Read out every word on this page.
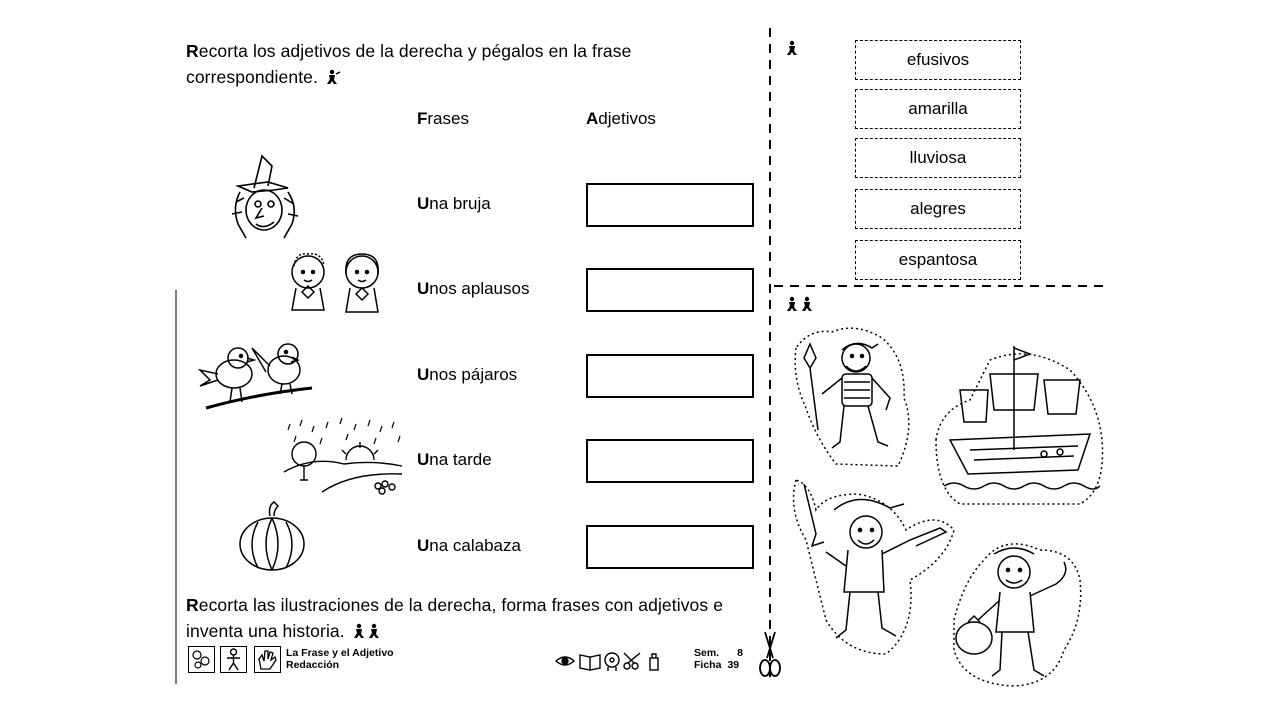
Recorta los adjetivos de la derecha y pégalos en la frase correspondiente.
Frases	Adjetivos
Una bruja
Unos aplausos
Unos pájaros
Una tarde
Una calabaza
Recorta las ilustraciones de la derecha, forma frases con adjetivos e inventa una historia.
La Frase y el Adjetivo
Redacción
Sem. 8
Ficha 39
efusivos
amarilla
lluviosa
alegres
espantosa
